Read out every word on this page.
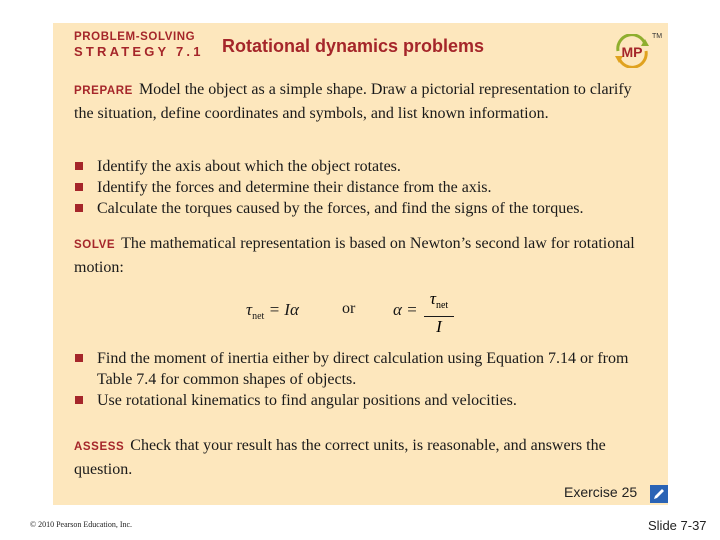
PROBLEM-SOLVING
STRATEGY 7.1 Rotational dynamics problems	MP
TM
PREPARE Model the object as a simple shape. Draw a pictorial representation to clarify the situation, define coordinates and symbols, and list known information.
Identify the axis about which the object rotates.
Identify the forces and determine their distance from the axis.
Calculate the torques caused by the forces, and find the signs of the torques.
SOLVE The mathematical representation is based on Newton’s second law for rotational motion:
$\tau_{net} = I\alpha$	or α =
$\tau_{net}$
I
Find the moment of inertia either by direct calculation using Equation 7.14 or from Table 7.4 for common shapes of objects.
Use rotational kinematics to find angular positions and velocities.
ASSESS Check that your result has the correct units, is reasonable, and answers the question.
Exercise 25
© 2010 Pearson Education, Inc.	Slide 7-37
